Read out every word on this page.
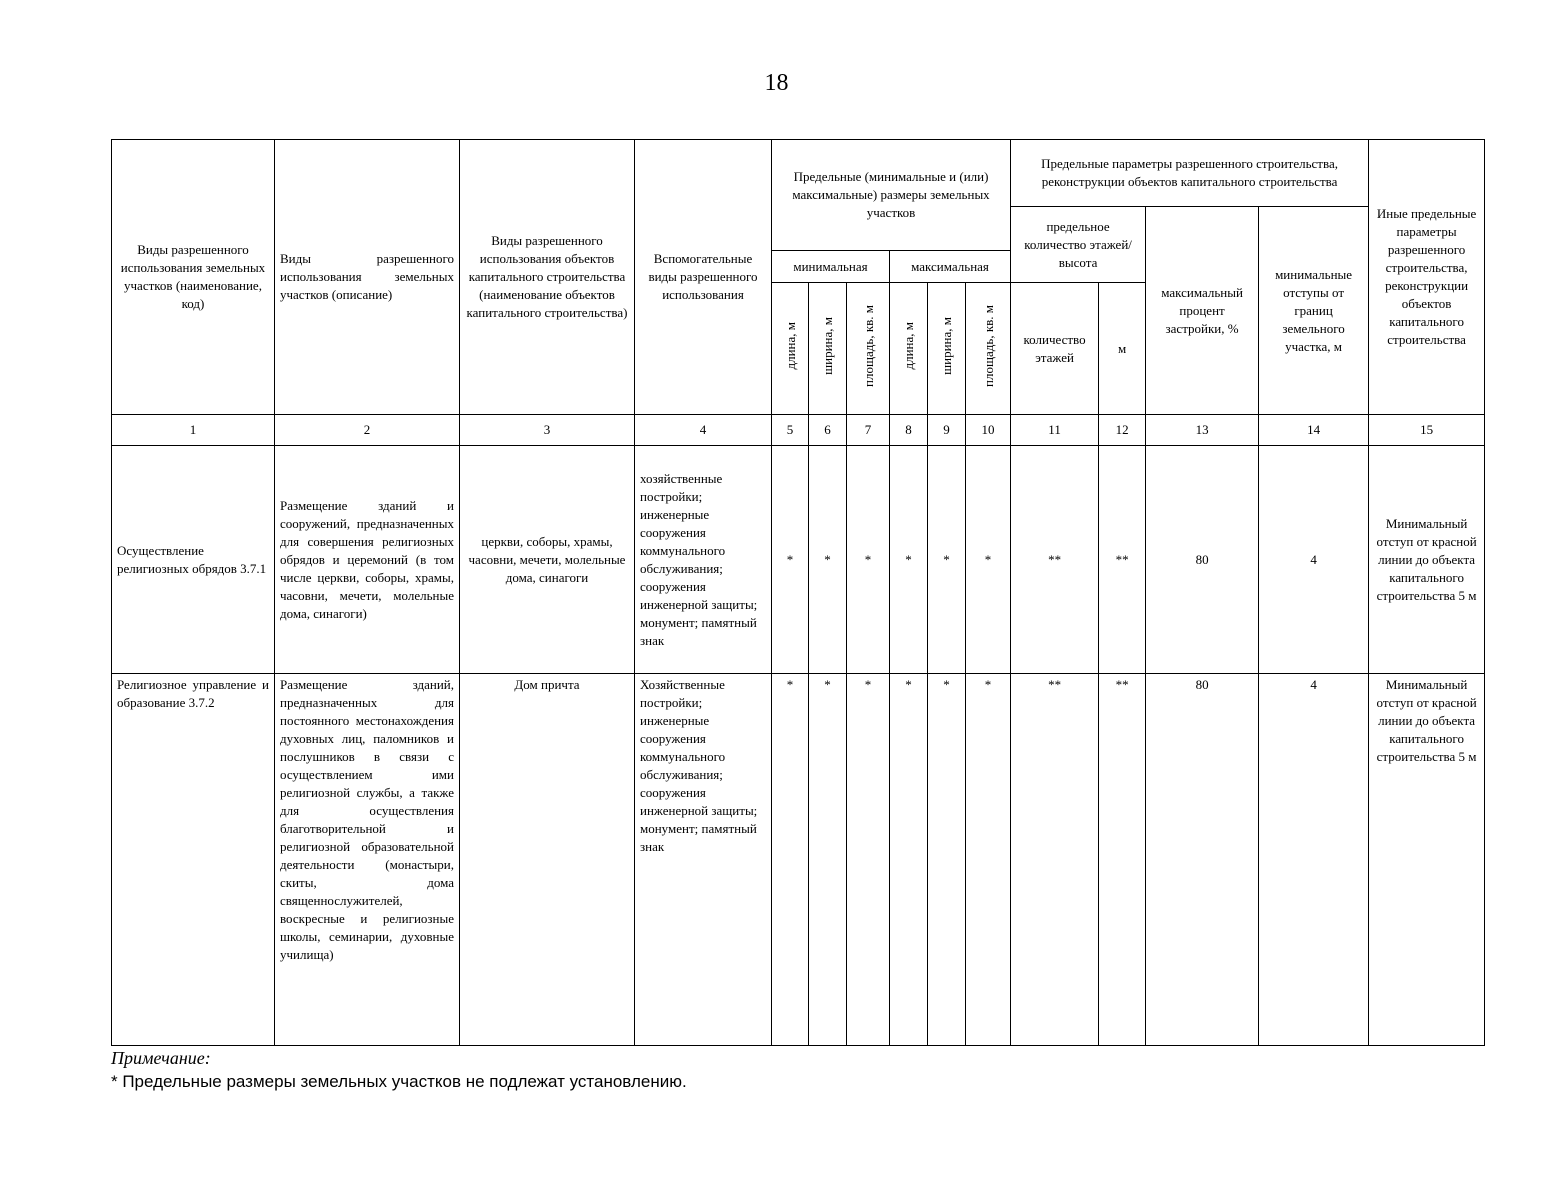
18
Виды разрешенного использования земельных участков (наименование, код)	Виды разрешенного использования земельных участков (описание)	Виды разрешенного использования объектов капитального строительства (наименование объектов капитального строительства)	Вспомогательные виды разрешенного использования	Предельные (минимальные и (или) максимальные) размеры земельных участков						Предельные параметры разрешенного строительства, реконструкции объектов капитального строительства				Иные предельные параметры разрешенного строительства, реконструкции объектов капитального строительства
										предельное количество этажей/высота		максимальный процент застройки, %	минимальные отступы от границ земельного участка, м	
				минимальная			максимальная							
				длина, м	ширина, м	площадь, кв. м	длина, м	ширина, м	площадь, кв. м	количество этажей	м			
1	2	3	4	5	6	7	8	9	10	11	12	13	14	15
Осуществление религиозных обрядов 3.7.1	Размещение зданий и сооружений, предназначенных для совершения религиозных обрядов и церемоний (в том числе церкви, соборы, храмы, часовни, мечети, молельные дома, синагоги)	церкви, соборы, храмы, часовни, мечети, молельные дома, синагоги	хозяйственные постройки; инженерные сооружения коммунального обслуживания; сооружения инженерной защиты; монумент; памятный знак	*	*	*	*	*	*	**	**	80	4	Минимальный отступ от красной линии до объекта капитального строительства 5 м
Религиозное управление и образование 3.7.2	Размещение зданий, предназначенных для постоянного местонахождения духовных лиц, паломников и послушников в связи с осуществлением ими религиозной службы, а также для осуществления благотворительной и религиозной образовательной деятельности (монастыри, скиты, дома священнослужителей, воскресные и религиозные школы, семинарии, духовные училища)	Дом причта	Хозяйственные постройки; инженерные сооружения коммунального обслуживания; сооружения инженерной защиты; монумент; памятный знак	*	*	*	*	*	*	**	**	80	4	Минимальный отступ от красной линии до объекта капитального строительства 5 м
Примечание:
* Предельные размеры земельных участков не подлежат установлению.
